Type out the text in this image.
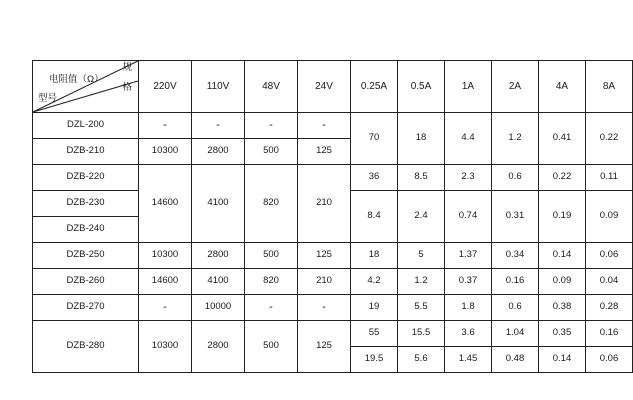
规
电阻值（Ω）
格
型号	220V	110V	48V	24V	0.25A	0.5A	1A	2A	4A	8A

DZL-200	-	-	-	-	70	18	4.4	1.2	0.41	0.22
DZB-210	10300	2800	500	125						
DZB-220	14600	4100	820	210	36	8.5	2.3	0.6	0.22	0.11
DZB-230					8.4	2.4	0.74	0.31	0.19	0.09
DZB-240										
DZB-250	10300	2800	500	125	18	5	1.37	0.34	0.14	0.06
DZB-260	14600	4100	820	210	4.2	1.2	0.37	0.16	0.09	0.04
DZB-270	-	10000	-	-	19	5.5	1.8	0.6	0.38	0.28
DZB-280	10300	2800	500	125	55	15.5	3.6	1.04	0.35	0.16
					19.5	5.6	1.45	0.48	0.14	0.06
